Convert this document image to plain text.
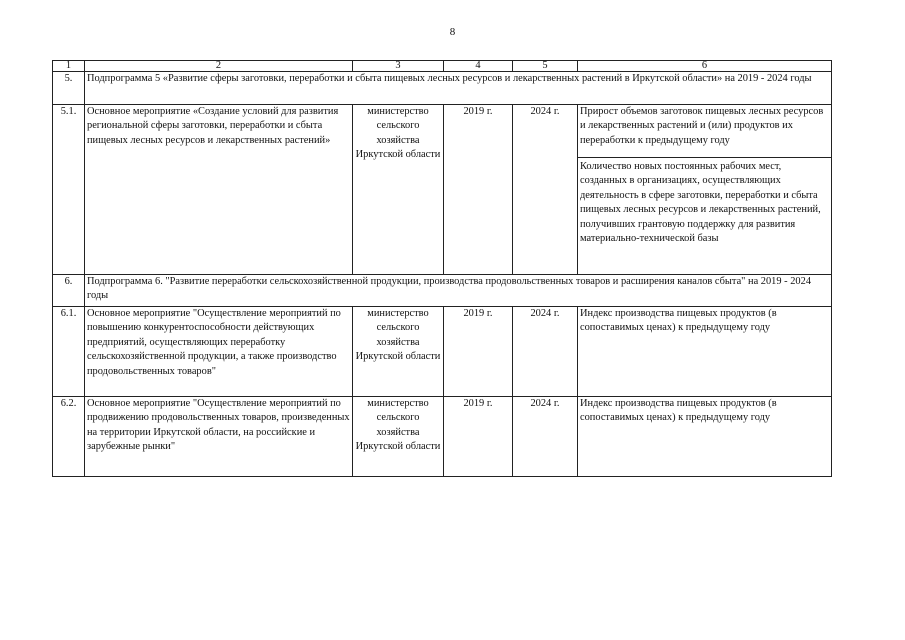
8
1	2	3	4	5	6
5.	Подпрограмма 5 «Развитие сферы заготовки, переработки и сбыта пищевых лесных ресурсов и лекарственных растений в Иркутской области» на 2019 - 2024 годы				
5.1.	Основное мероприятие «Создание условий для развития региональной сферы заготовки, переработки и сбыта пищевых лесных ресурсов и лекарственных растений»	министерство сельского хозяйства Иркутской области	2019 г.	2024 г.	Прирост объемов заготовок пищевых лесных ресурсов и лекарственных растений и (или) продуктов их переработки к предыдущему году
Количество новых постоянных рабочих мест, созданных в организациях, осуществляющих деятельность в сфере заготовки, переработки и сбыта пищевых лесных ресурсов и лекарственных растений, получивших грантовую поддержку для развития материально-технической базы

6.	Подпрограмма 6. "Развитие переработки сельскохозяйственной продукции, производства продовольственных товаров и расширения каналов сбыта" на 2019 - 2024 годы				
6.1.	Основное мероприятие "Осуществление мероприятий по повышению конкурентоспособности действующих предприятий, осуществляющих переработку сельскохозяйственной продукции, а также производство продовольственных товаров"	министерство сельского хозяйства Иркутской области	2019 г.	2024 г.	Индекс производства пищевых продуктов (в сопоставимых ценах) к предыдущему году
6.2.	Основное мероприятие "Осуществление мероприятий по продвижению продовольственных товаров, произведенных на территории Иркутской области, на российские и зарубежные рынки"	министерство сельского хозяйства Иркутской области	2019 г.	2024 г.	Индекс производства пищевых продуктов (в сопоставимых ценах) к предыдущему году
